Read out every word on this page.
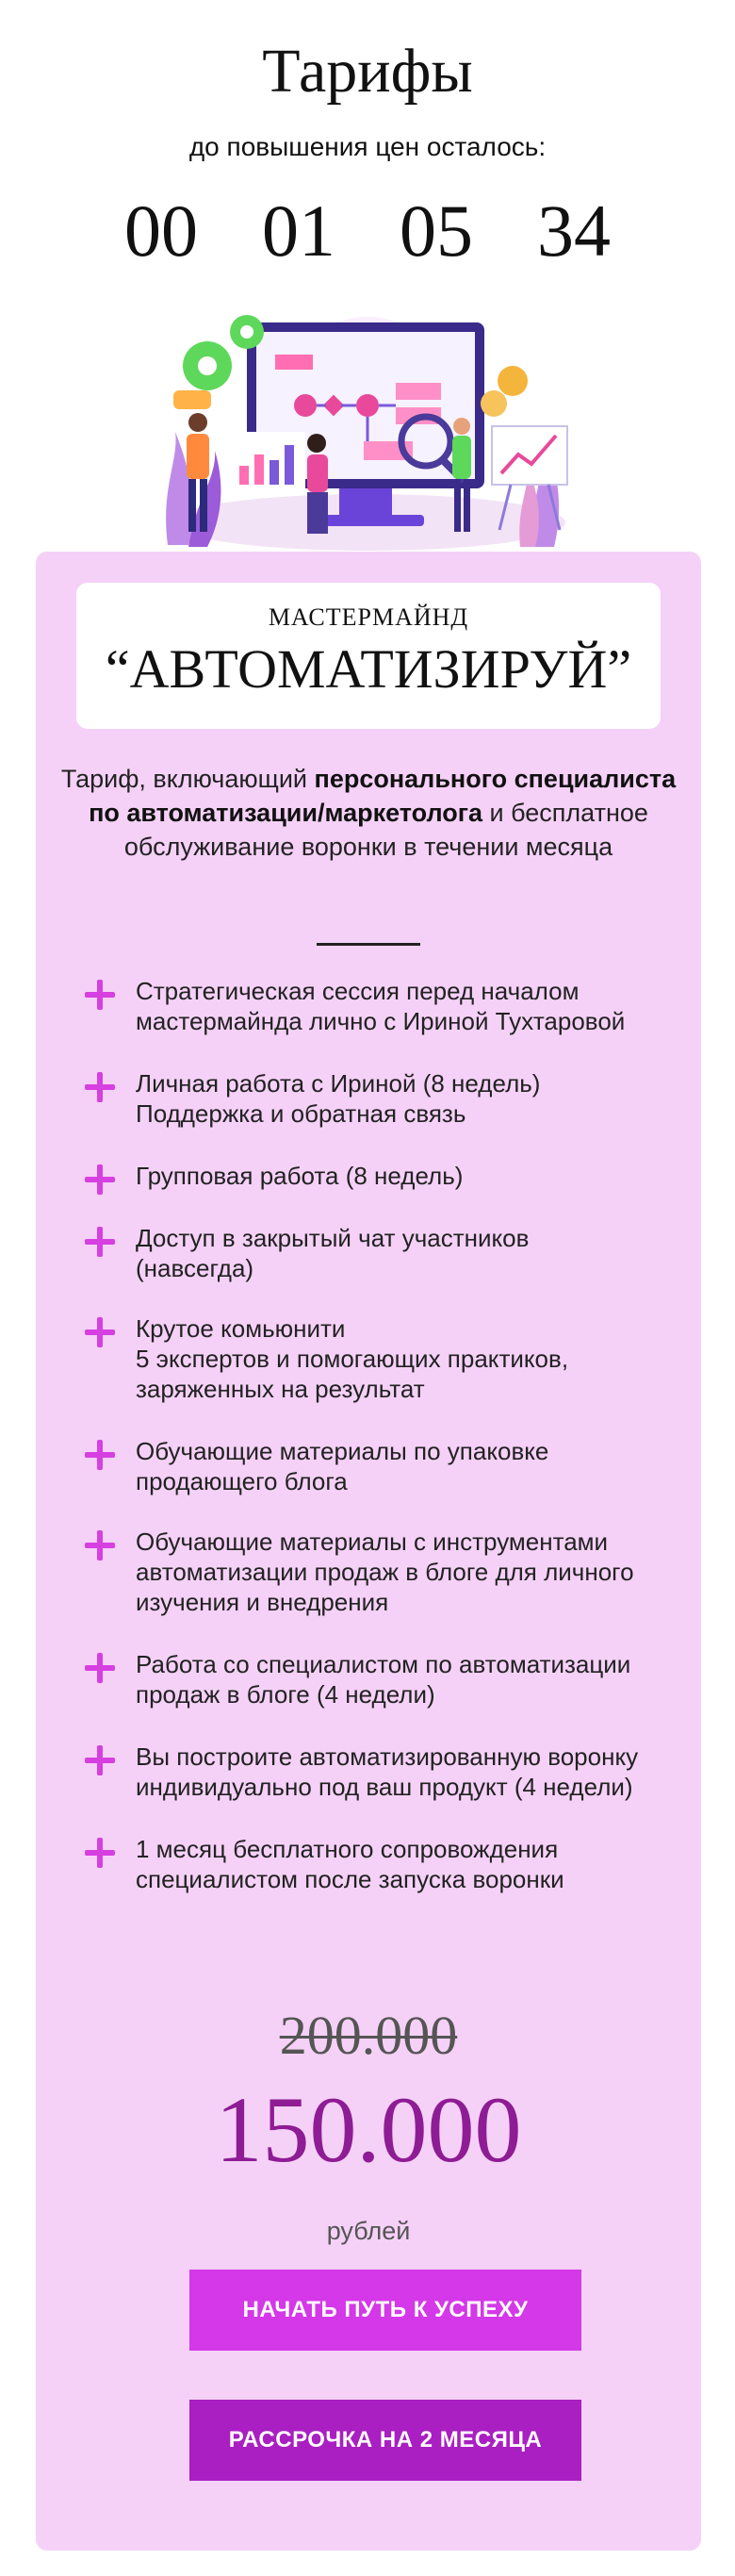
Тарифы
до повышения цен осталось:
00 01 05 34
МАСТЕРМАЙНД
“АВТОМАТИЗИРУЙ”
Тариф, включающий персонального специалиста по автоматизации/маркетолога и бесплатное обслуживание воронки в течении месяца
Стратегическая сессия перед началом
мастермайнда лично с Ириной Тухтаровой
Личная работа с Ириной (8 недель)
Поддержка и обратная связь
Групповая работа (8 недель)
Доступ в закрытый чат участников
(навсегда)
Крутое комьюнити
5 экспертов и помогающих практиков,
заряженных на результат
Обучающие материалы по упаковке
продающего блога
Обучающие материалы с инструментами
автоматизации продаж в блоге для личного
изучения и внедрения
Работа со специалистом по автоматизации
продаж в блоге (4 недели)
Вы построите автоматизированную воронку
индивидуально под ваш продукт (4 недели)
1 месяц бесплатного сопровождения
специалистом после запуска воронки
200.000
150.000
рублей
НАЧАТЬ ПУТЬ К УСПЕХУ
РАССРОЧКА НА 2 МЕСЯЦА
